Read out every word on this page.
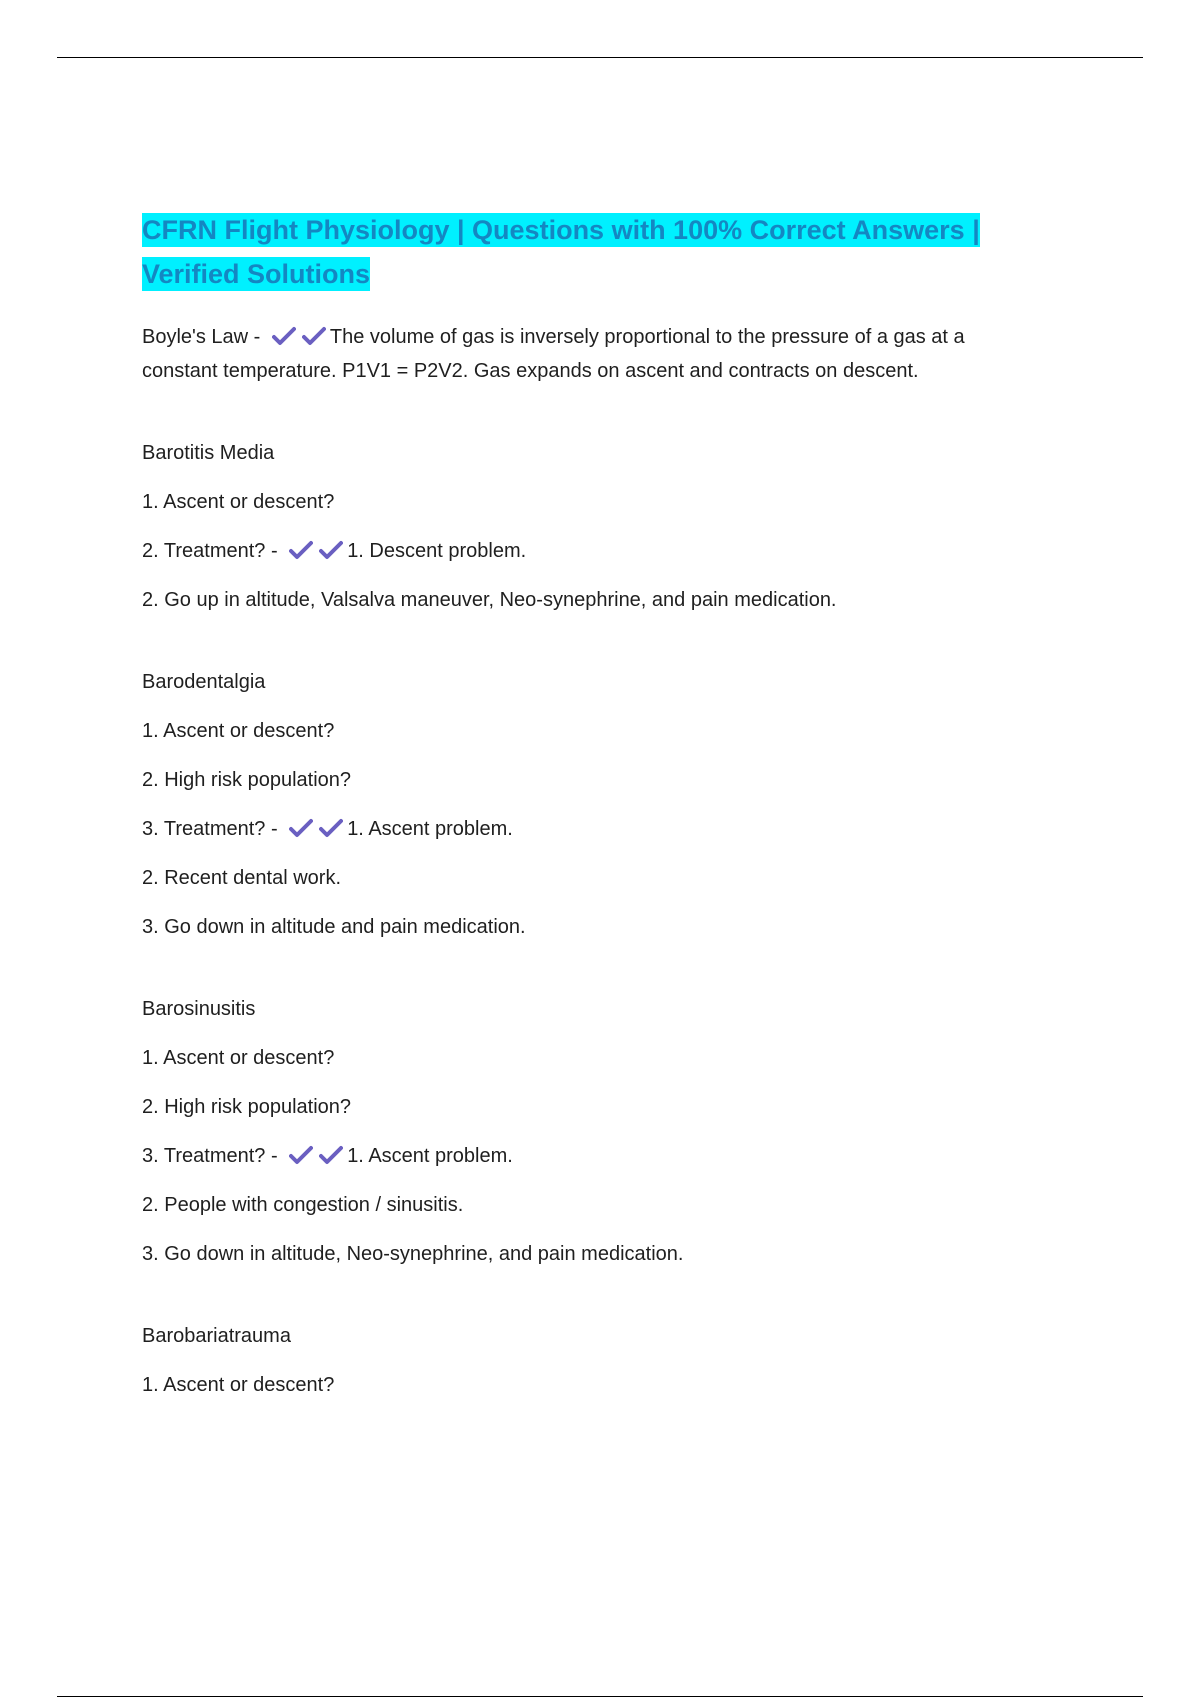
CFRN Flight Physiology | Questions with 100% Correct Answers |
Verified Solutions
Boyle's Law -	The volume of gas is inversely proportional to the pressure of a gas at a constant temperature. P1V1 = P2V2. Gas expands on ascent and contracts on descent.
Barotitis Media
1. Ascent or descent?
2. Treatment? -	1. Descent problem.
2. Go up in altitude, Valsalva maneuver, Neo-synephrine, and pain medication.
Barodentalgia
1. Ascent or descent?
2. High risk population?
3. Treatment? -	1. Ascent problem.
2. Recent dental work.
3. Go down in altitude and pain medication.
Barosinusitis
1. Ascent or descent?
2. High risk population?
3. Treatment? -	1. Ascent problem.
2. People with congestion / sinusitis.
3. Go down in altitude, Neo-synephrine, and pain medication.
Barobariatrauma
1. Ascent or descent?
